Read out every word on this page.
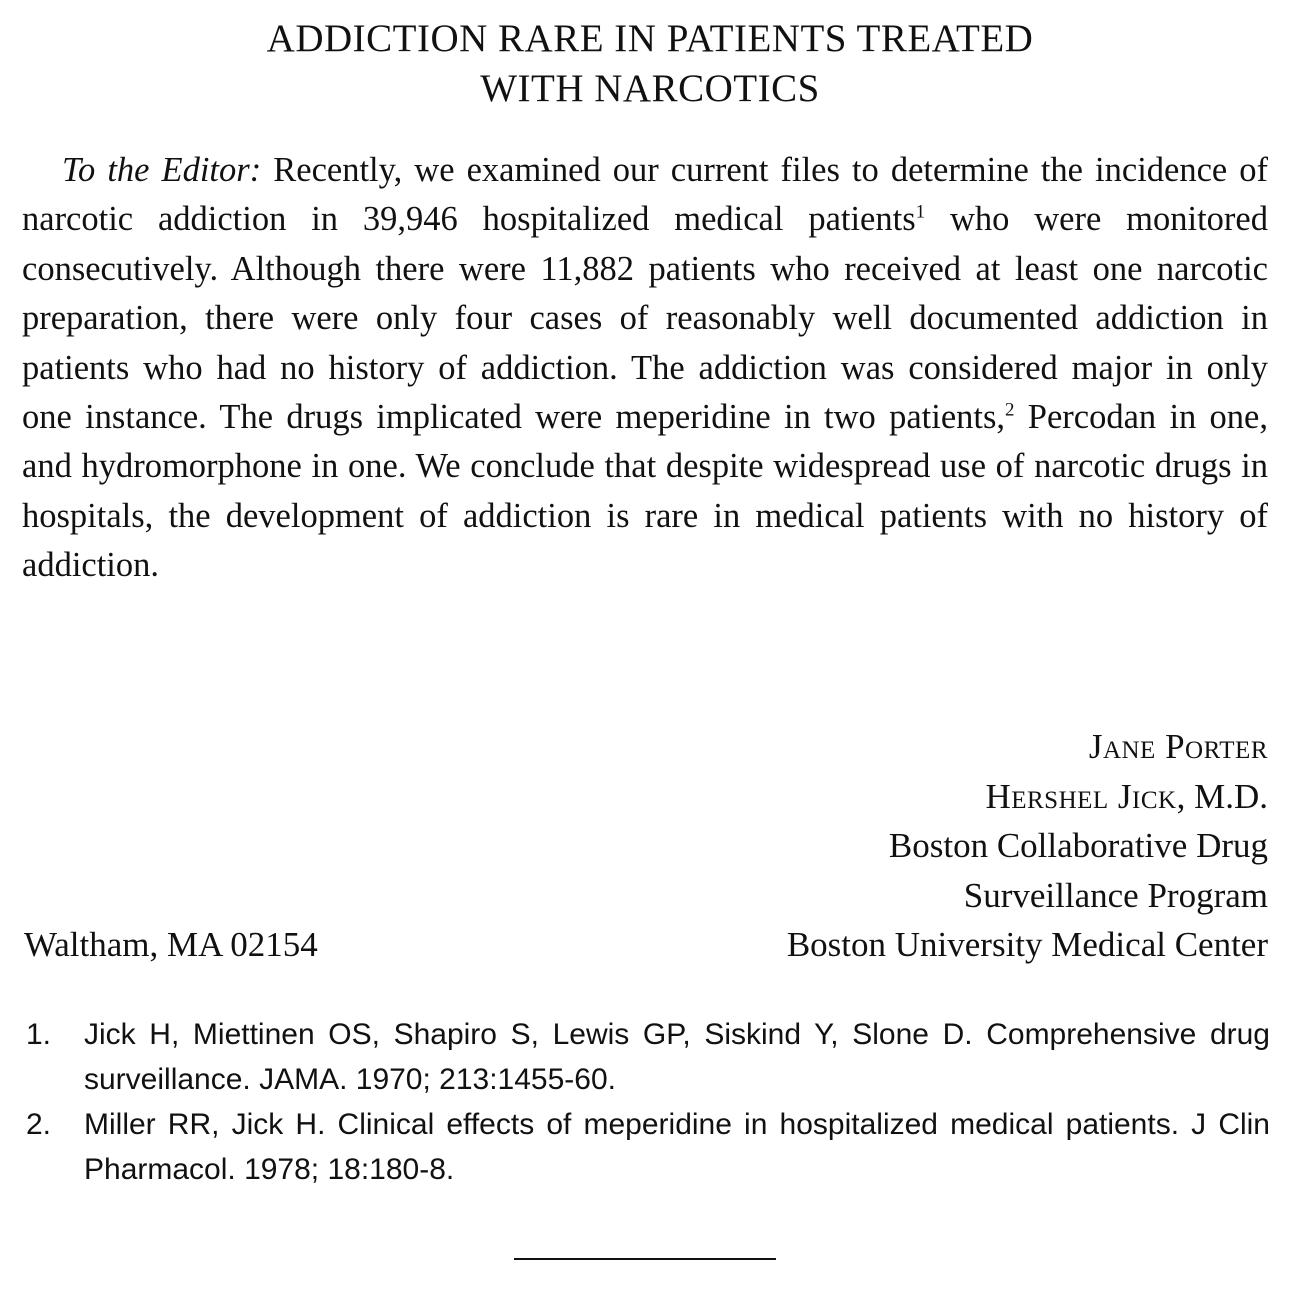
ADDICTION RARE IN PATIENTS TREATED
WITH NARCOTICS

To the Editor: Recently, we examined our current files to determine the incidence of narcotic addiction in 39,946 hospitalized medical patients$^1$ who were monitored consecutively. Although there were 11,882 patients who received at least one narcotic preparation, there were only four cases of reasonably well documented addiction in patients who had no history of addiction. The addiction was considered major in only one instance. The drugs implicated were meperidine in two patients,$^2$ Percodan in one, and hydromorphone in one. We conclude that despite widespread use of narcotic drugs in hospitals, the development of addiction is rare in medical patients with no history of addiction.

Jane Porter
Hershel Jick, M.D.
Boston Collaborative Drug
Surveillance Program
Boston University Medical Center
Waltham, MA 02154
1. Jick H, Miettinen OS, Shapiro S, Lewis GP, Siskind Y, Slone D. Comprehensive drug surveillance. JAMA. 1970; 213:1455-60.
2. Miller RR, Jick H. Clinical effects of meperidine in hospitalized medical patients. J Clin Pharmacol. 1978; 18:180-8.
